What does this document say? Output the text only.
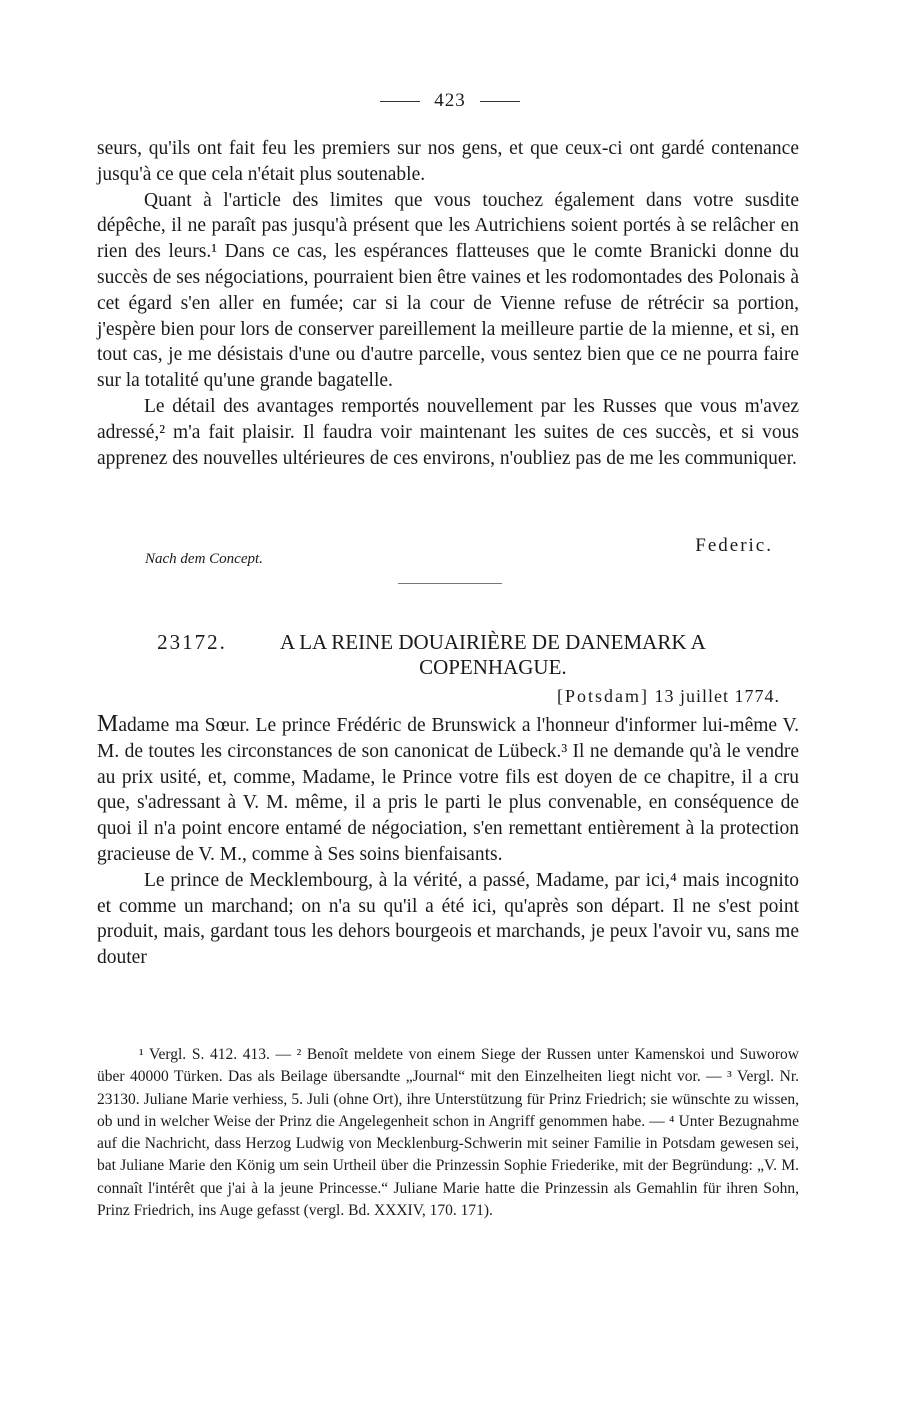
423

seurs, qu'ils ont fait feu les premiers sur nos gens, et que ceux-ci ont gardé contenance jusqu'à ce que cela n'était plus soutenable.

Quant à l'article des limites que vous touchez également dans votre susdite dépêche, il ne paraît pas jusqu'à présent que les Autrichiens soient portés à se relâcher en rien des leurs.¹ Dans ce cas, les espérances flatteuses que le comte Branicki donne du succès de ses négociations, pourraient bien être vaines et les rodomontades des Polonais à cet égard s'en aller en fumée; car si la cour de Vienne refuse de rétrécir sa portion, j'espère bien pour lors de conserver pareillement la meilleure partie de la mienne, et si, en tout cas, je me désistais d'une ou d'autre parcelle, vous sentez bien que ce ne pourra faire sur la totalité qu'une grande bagatelle.

Le détail des avantages remportés nouvellement par les Russes que vous m'avez adressé,² m'a fait plaisir. Il faudra voir maintenant les suites de ces succès, et si vous apprenez des nouvelles ultérieures de ces environs, n'oubliez pas de me les communiquer.

Nach dem Concept.
Federic.
23172.	A LA REINE DOUAIRIÈRE DE DANEMARK A COPENHAGUE.
[Potsdam] 13 juillet 1774.

Madame ma Sœur. Le prince Frédéric de Brunswick a l'honneur d'informer lui-même V. M. de toutes les circonstances de son canonicat de Lübeck.³ Il ne demande qu'à le vendre au prix usité, et, comme, Madame, le Prince votre fils est doyen de ce chapitre, il a cru que, s'adressant à V. M. même, il a pris le parti le plus convenable, en conséquence de quoi il n'a point encore entamé de négociation, s'en remettant entièrement à la protection gracieuse de V. M., comme à Ses soins bienfaisants.

Le prince de Mecklembourg, à la vérité, a passé, Madame, par ici,⁴ mais incognito et comme un marchand; on n'a su qu'il a été ici, qu'après son départ. Il ne s'est point produit, mais, gardant tous les dehors bourgeois et marchands, je peux l'avoir vu, sans me douter

¹ Vergl. S. 412. 413. — ² Benoît meldete von einem Siege der Russen unter Kamenskoi und Suworow über 40000 Türken. Das als Beilage übersandte „Journal“ mit den Einzelheiten liegt nicht vor. — ³ Vergl. Nr. 23130. Juliane Marie verhiess, 5. Juli (ohne Ort), ihre Unterstützung für Prinz Friedrich; sie wünschte zu wissen, ob und in welcher Weise der Prinz die Angelegenheit schon in Angriff genommen habe. — ⁴ Unter Bezugnahme auf die Nachricht, dass Herzog Ludwig von Mecklenburg-Schwerin mit seiner Familie in Potsdam gewesen sei, bat Juliane Marie den König um sein Urtheil über die Prinzessin Sophie Friederike, mit der Begründung: „V. M. connaît l'intérêt que j'ai à la jeune Princesse.“ Juliane Marie hatte die Prinzessin als Gemahlin für ihren Sohn, Prinz Friedrich, ins Auge gefasst (vergl. Bd. XXXIV, 170. 171).
